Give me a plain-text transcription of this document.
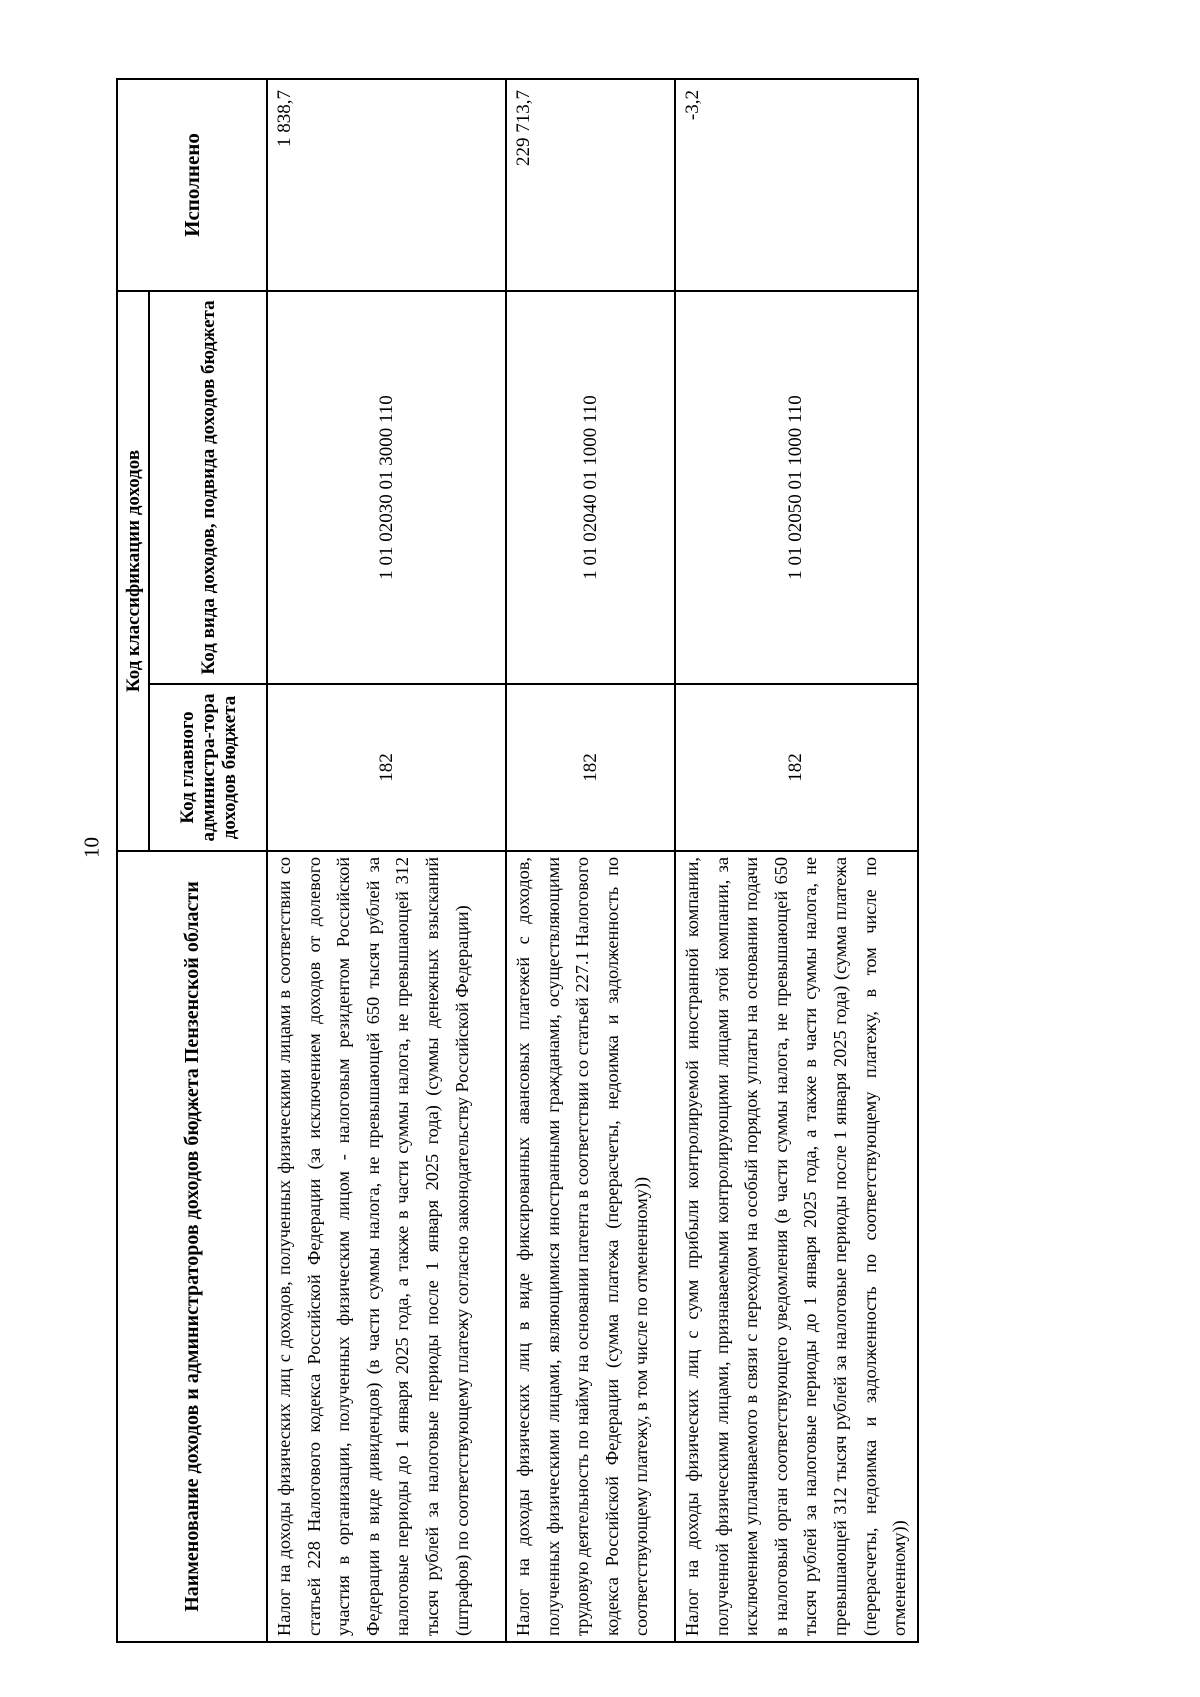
10
Наименование доходов и администраторов доходов бюджета Пензенской области	Код классификации доходов		Исполнено
	Код главного администра-тора доходов бюджета	Код вида доходов, подвида доходов бюджета	
Налог на доходы физических лиц с доходов, полученных физическими лицами в соответствии со статьей 228 Налогового кодекса Российской Федерации (за исключением доходов от долевого участия в организации, полученных физическим лицом - налоговым резидентом Российской Федерации в виде дивидендов) (в части суммы налога, не превышающей 650 тысяч рублей за налоговые периоды до 1 января 2025 года, а также в части суммы налога, не превышающей 312 тысяч рублей за налоговые периоды после 1 января 2025 года) (суммы денежных взысканий (штрафов) по соответствующему платежу согласно законодательству Российской Федерации)	182	1 01 02030 01 3000 110	1 838,7
Налог на доходы физических лиц в виде фиксированных авансовых платежей с доходов, полученных физическими лицами, являющимися иностранными гражданами, осуществляющими трудовую деятельность по найму на основании патента в соответствии со статьей 227.1 Налогового кодекса Российской Федерации (сумма платежа (перерасчеты, недоимка и задолженность по соответствующему платежу, в том числе по отмененному))	182	1 01 02040 01 1000 110	229 713,7
Налог на доходы физических лиц с сумм прибыли контролируемой иностранной компании, полученной физическими лицами, признаваемыми контролирующими лицами этой компании, за исключением уплачиваемого в связи с переходом на особый порядок уплаты на основании подачи в налоговый орган соответствующего уведомления (в части суммы налога, не превышающей 650 тысяч рублей за налоговые периоды до 1 января 2025 года, а также в части суммы налога, не превышающей 312 тысяч рублей за налоговые периоды после 1 января 2025 года) (сумма платежа (перерасчеты, недоимка и задолженность по соответствующему платежу, в том числе по отмененному))	182	1 01 02050 01 1000 110	-3,2
